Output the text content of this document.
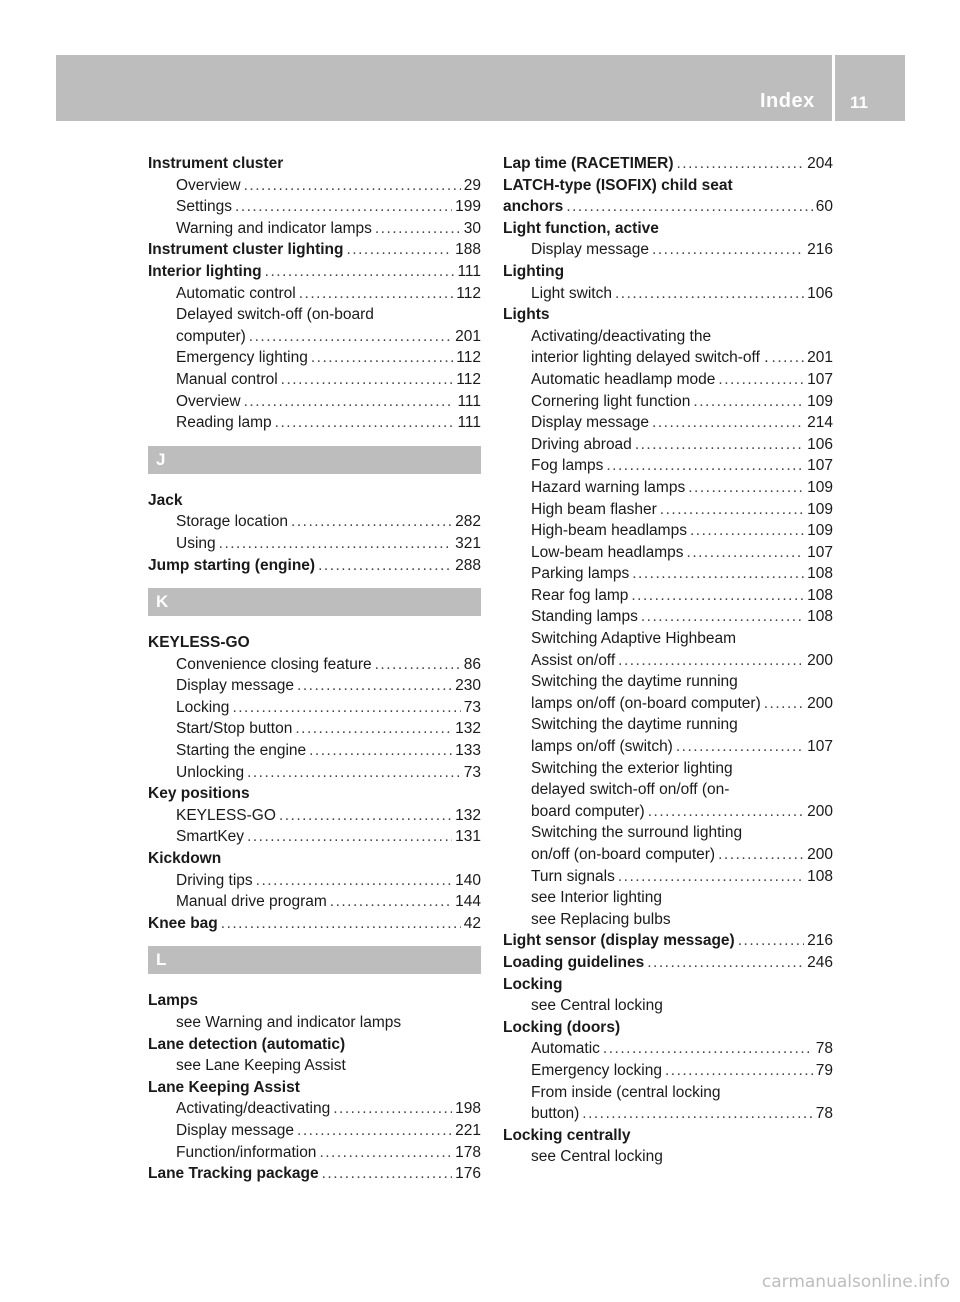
Index 11
Instrument cluster
Overview .....	29
Settings .....	199
Warning and indicator lamps .....	30
Instrument cluster lighting .....	188
Interior lighting .....	111
Automatic control .....	112
Delayed switch-off (on-board
computer) .....	201
Emergency lighting .....	112
Manual control .....	112
Overview .....	111
Reading lamp .....	111
J
Jack
Storage location .....	282
Using .....	321
Jump starting (engine) .....	288
K
KEYLESS-GO
Convenience closing feature .....	86
Display message .....	230
Locking .....	73
Start/Stop button .....	132
Starting the engine .....	133
Unlocking .....	73
Key positions
KEYLESS-GO .....	132
SmartKey .....	131
Kickdown
Driving tips .....	140
Manual drive program .....	144
Knee bag .....	42
L
Lamps
see Warning and indicator lamps
Lane detection (automatic)
see Lane Keeping Assist
Lane Keeping Assist
Activating/deactivating .....	198
Display message .....	221
Function/information .....	178
Lane Tracking package .....	176
Lap time (RACETIMER) .....	204
LATCH-type (ISOFIX) child seat
anchors .....	60
Light function, active
Display message .....	216
Lighting
Light switch .....	106
Lights
Activating/deactivating the
interior lighting delayed switch-off . ..... 201
Automatic headlamp mode .....	107
Cornering light function .....	109
Display message .....	214
Driving abroad .....	106
Fog lamps .....	107
Hazard warning lamps .....	109
High beam flasher .....	109
High-beam headlamps .....	109
Low-beam headlamps .....	107
Parking lamps .....	108
Rear fog lamp .....	108
Standing lamps .....	108
Switching Adaptive Highbeam
Assist on/off .....	200
Switching the daytime running
lamps on/off (on-board computer) .....	200
Switching the daytime running
lamps on/off (switch) .....	107
Switching the exterior lighting
delayed switch-off on/off (on-
board computer) .....	200
Switching the surround lighting
on/off (on-board computer) .....	200
Turn signals .....	108
see Interior lighting
see Replacing bulbs
Light sensor (display message) .....	216
Loading guidelines .....	246
Locking
see Central locking
Locking (doors)
Automatic .....	78
Emergency locking .....	79
From inside (central locking
button) .....	78
Locking centrally
see Central locking
carmanualsonline.info
